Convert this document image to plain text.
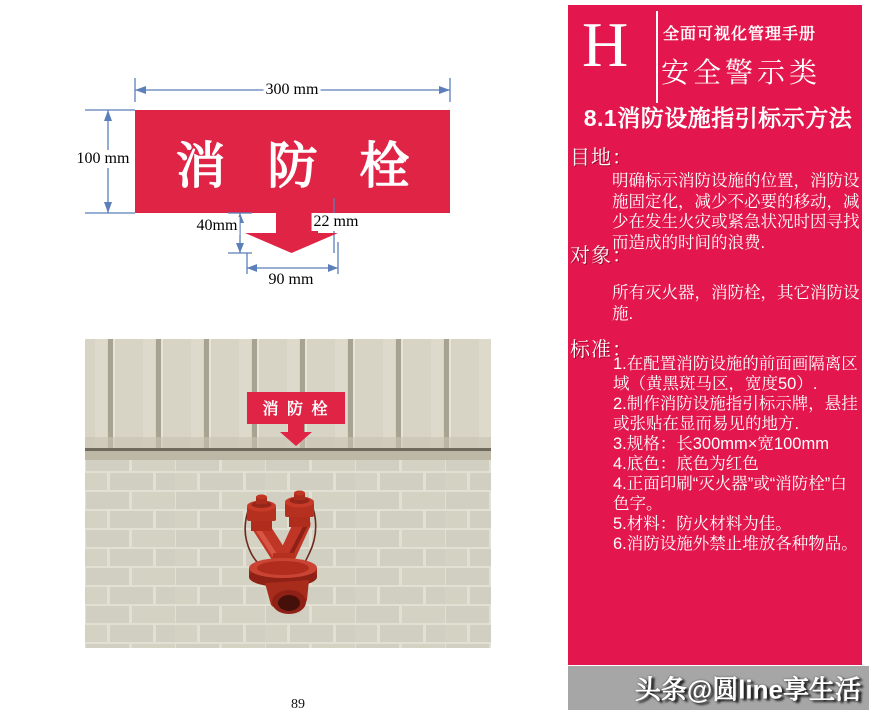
消 防 栓
300 mm
100 mm
40mm	22 mm
90 mm
消 防 栓
89
H 全面可视化管理手册
安全警示类
8.1消防设施指引标示方法
目地：
明确标示消防设施的位置，消防设施固定化，减少不必要的移动，减少在发生火灾或紧急状况时因寻找而造成的时间的浪费.
对象：
所有灭火器，消防栓，其它消防设施.
标准：
1.在配置消防设施的前面画隔离区域（黄黑斑马区，宽度50）.
2.制作消防设施指引标示牌，悬挂或张贴在显而易见的地方.
3.规格：长300mm×宽100mm
4.底色：底色为红色
4.正面印刷“灭火器”或“消防栓”白色字。
5.材料：防火材料为佳。
6.消防设施外禁止堆放各种物品。
头条@圆line享生活
